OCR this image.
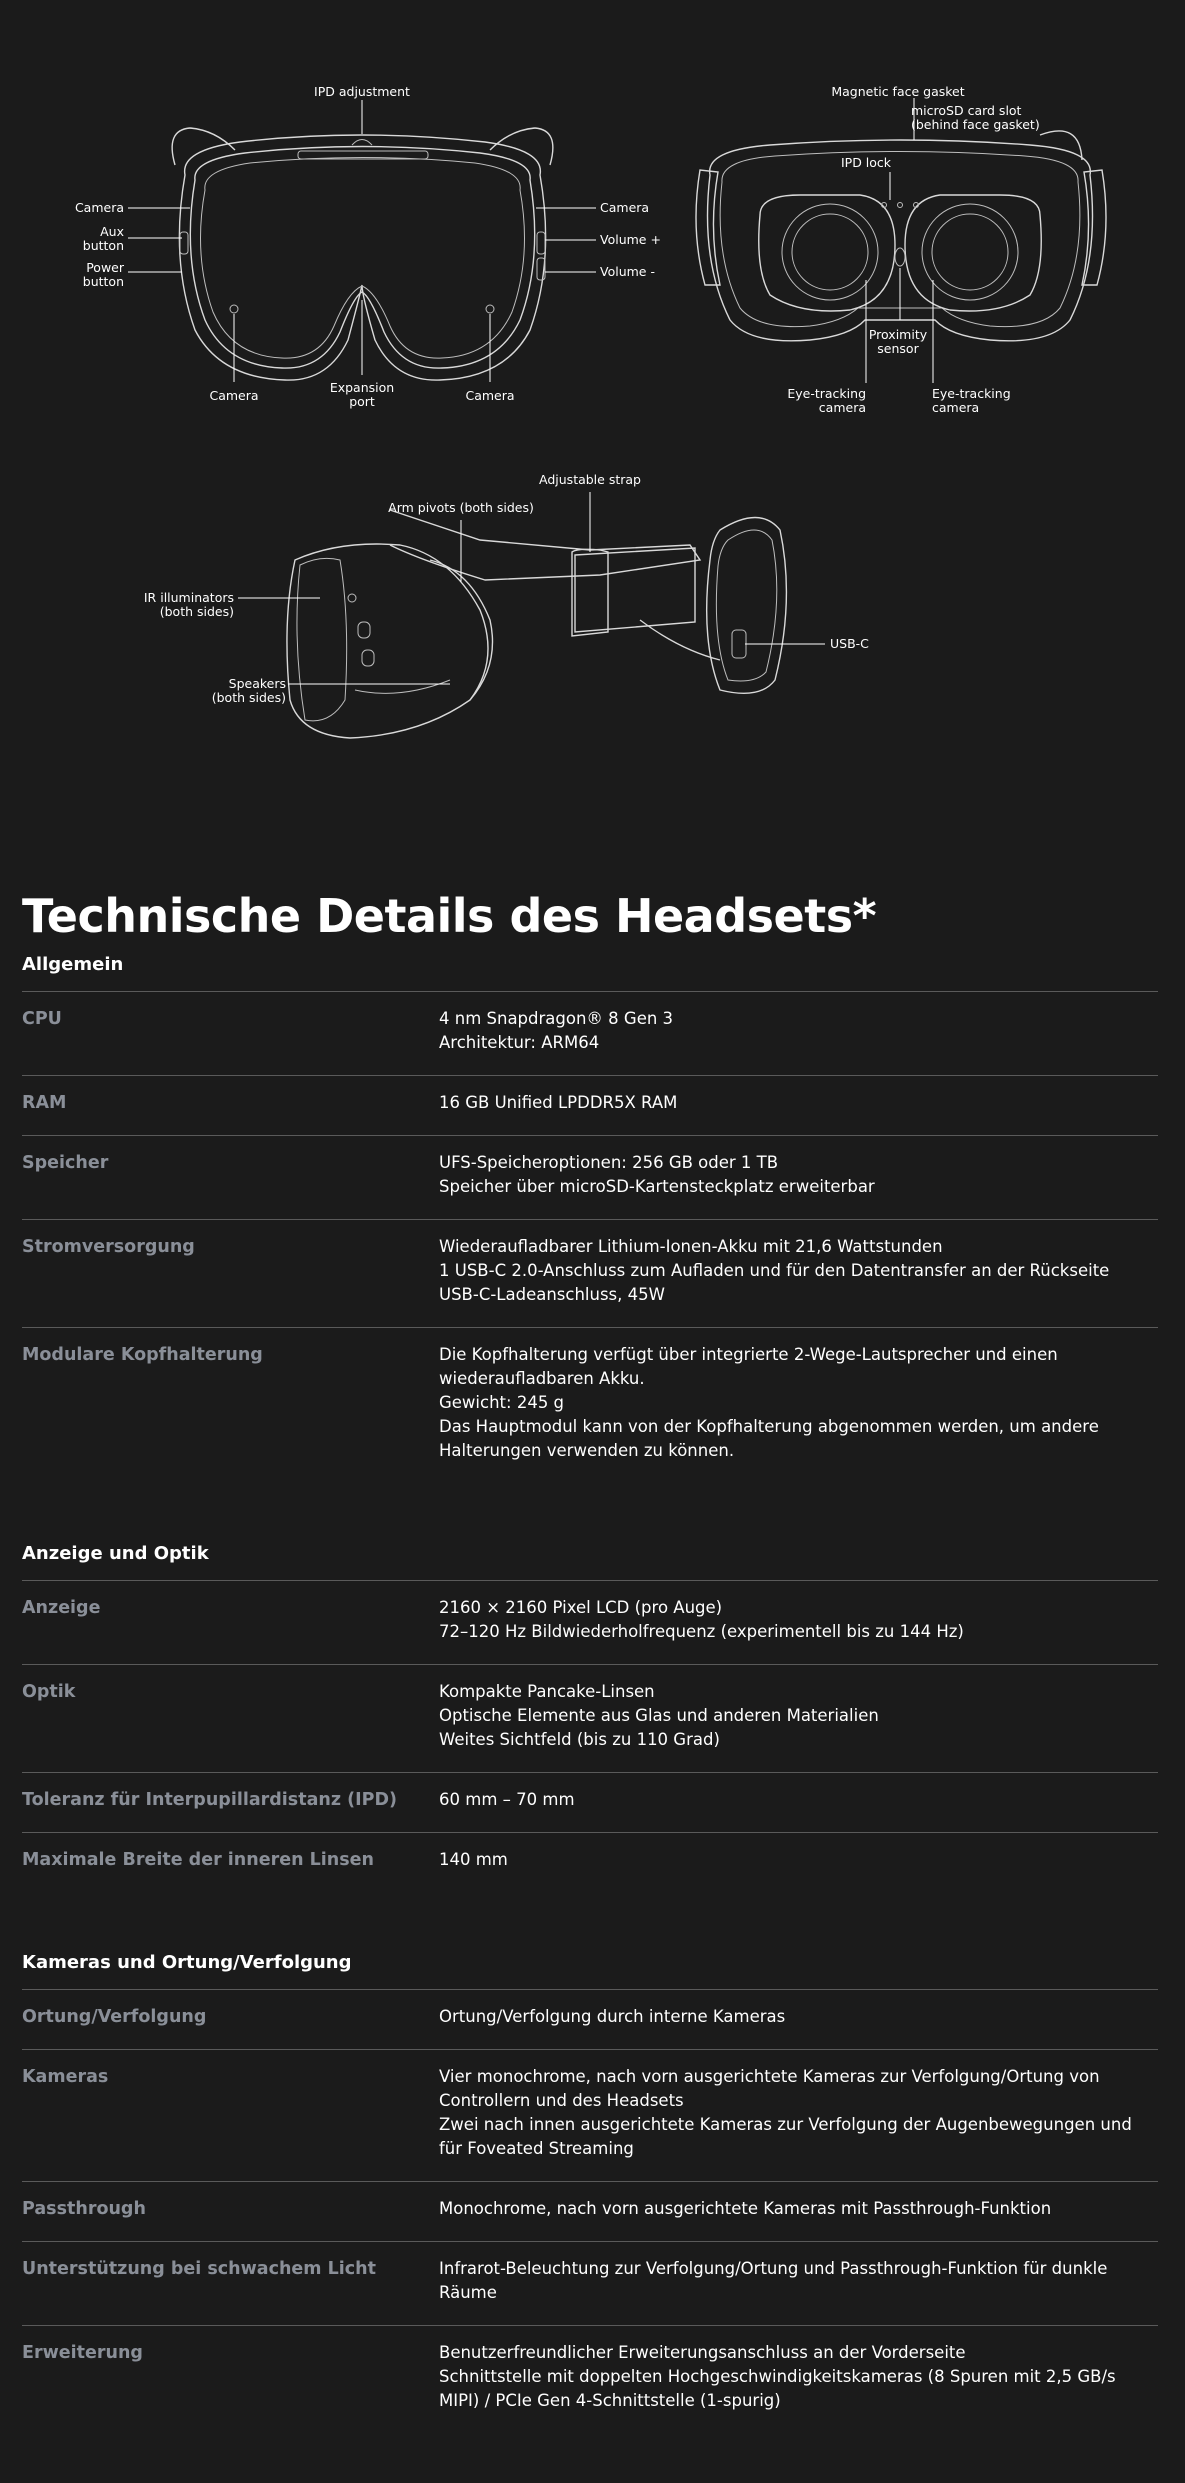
IPD adjustment
Camera
Aux
button
Power
button
Camera
Volume +
Volume -
Camera
Expansion
port	Camera
Magnetic face gasket
microSD card slot
(behind face gasket)
IPD lock
Proximity
sensor
Eye-tracking
camera
Eye-tracking
camera
Adjustable strap
Arm pivots (both sides)
IR illuminators
(both sides)
Speakers
(both sides)
USB-C
Technische Details des Headsets*
Allgemein
CPU	4 nm Snapdragon® 8 Gen 3
Architektur: ARM64
RAM	16 GB Unified LPDDR5X RAM
Speicher	UFS-Speicheroptionen: 256 GB oder 1 TB
Speicher über microSD-Kartensteckplatz erweiterbar
Stromversorgung	Wiederaufladbarer Lithium-Ionen-Akku mit 21,6 Wattstunden
1 USB-C 2.0-Anschluss zum Aufladen und für den Datentransfer an der Rückseite
USB-C-Ladeanschluss, 45W
Modulare Kopfhalterung	Die Kopfhalterung verfügt über integrierte 2-Wege-Lautsprecher und einen wiederaufladbaren Akku.
Gewicht: 245 g
Das Hauptmodul kann von der Kopfhalterung abgenommen werden, um andere Halterungen verwenden zu können.
Anzeige und Optik
Anzeige	2160 × 2160 Pixel LCD (pro Auge)
72–120 Hz Bildwiederholfrequenz (experimentell bis zu 144 Hz)
Optik	Kompakte Pancake-Linsen
Optische Elemente aus Glas und anderen Materialien
Weites Sichtfeld (bis zu 110 Grad)
Toleranz für Interpupillardistanz (IPD)	60 mm – 70 mm
Maximale Breite der inneren Linsen	140 mm
Kameras und Ortung/Verfolgung
Ortung/Verfolgung	Ortung/Verfolgung durch interne Kameras
Kameras	Vier monochrome, nach vorn ausgerichtete Kameras zur Verfolgung/Ortung von Controllern und des Headsets
Zwei nach innen ausgerichtete Kameras zur Verfolgung der Augenbewegungen und für Foveated Streaming
Passthrough	Monochrome, nach vorn ausgerichtete Kameras mit Passthrough-Funktion
Unterstützung bei schwachem Licht	Infrarot-Beleuchtung zur Verfolgung/Ortung und Passthrough-Funktion für dunkle Räume
Erweiterung	Benutzerfreundlicher Erweiterungsanschluss an der Vorderseite
Schnittstelle mit doppelten Hochgeschwindigkeitskameras (8 Spuren mit 2,5 GB/s MIPI) / PCIe Gen 4-Schnittstelle (1-spurig)
